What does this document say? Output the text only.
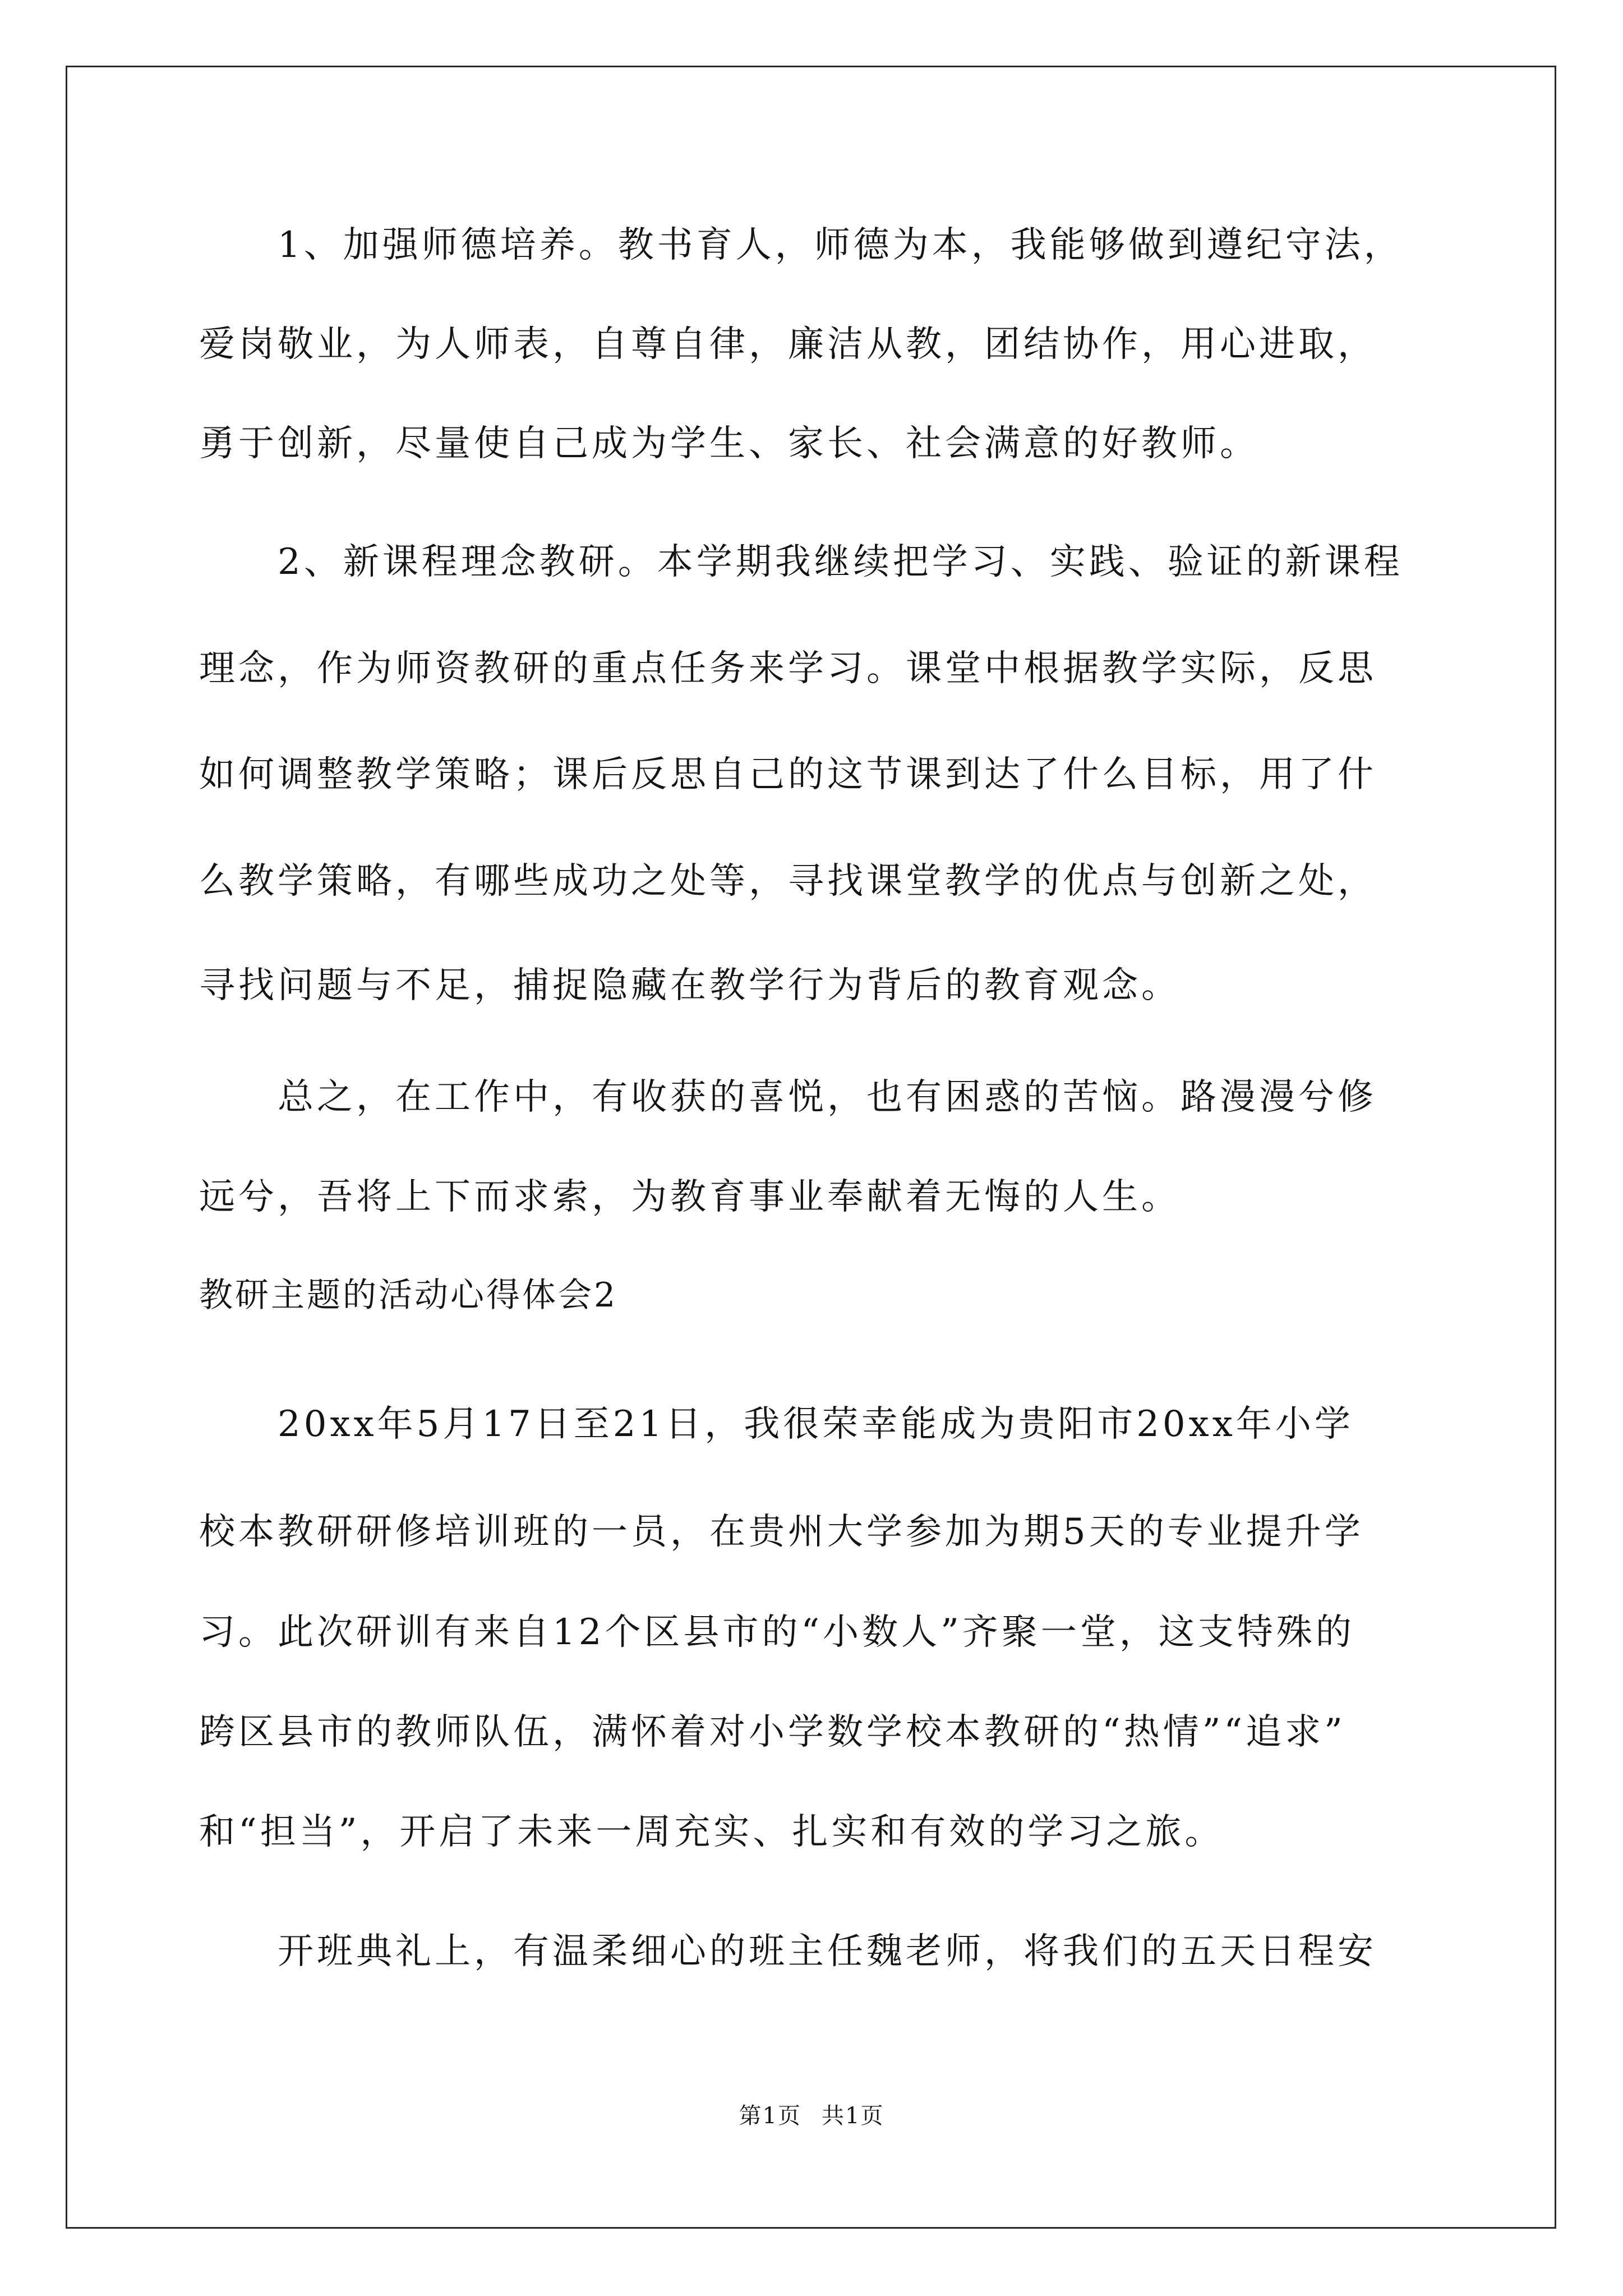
1、加强师德培养。教书育人，师德为本，我能够做到遵纪守法，
爱岗敬业，为人师表，自尊自律，廉洁从教，团结协作，用心进取，
勇于创新，尽量使自己成为学生、家长、社会满意的好教师。
2、新课程理念教研。本学期我继续把学习、实践、验证的新课程
理念，作为师资教研的重点任务来学习。课堂中根据教学实际，反思
如何调整教学策略；课后反思自己的这节课到达了什么目标，用了什
么教学策略，有哪些成功之处等，寻找课堂教学的优点与创新之处，
寻找问题与不足，捕捉隐藏在教学行为背后的教育观念。
总之，在工作中，有收获的喜悦，也有困惑的苦恼。路漫漫兮修
远兮，吾将上下而求索，为教育事业奉献着无悔的人生。
教研主题的活动心得体会2
20xx年5月17日至21日，我很荣幸能成为贵阳市20xx年小学
校本教研研修培训班的一员，在贵州大学参加为期5天的专业提升学
习。此次研训有来自12个区县市的“小数人”齐聚一堂，这支特殊的
跨区县市的教师队伍，满怀着对小学数学校本教研的“热情”“追求”
和“担当”，开启了未来一周充实、扎实和有效的学习之旅。
开班典礼上，有温柔细心的班主任魏老师，将我们的五天日程安
第1页 共1页
